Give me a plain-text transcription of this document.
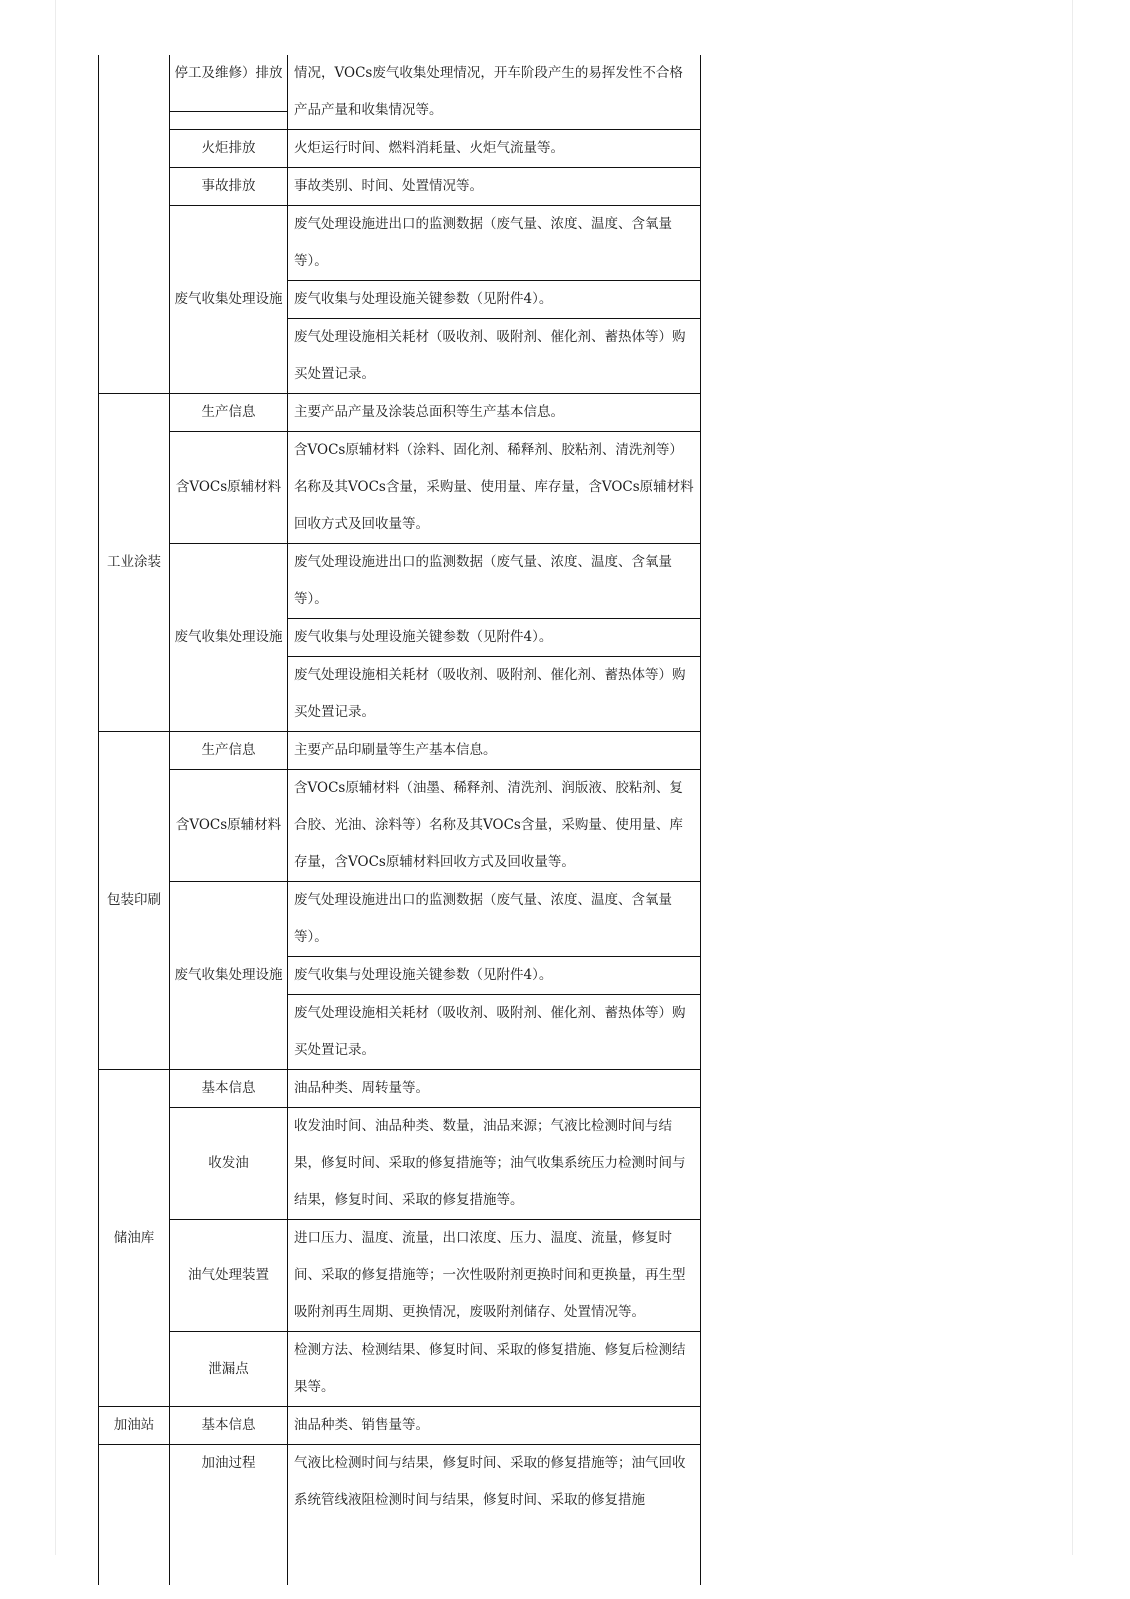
	停工及维修）排放	情况，VOCs废气收集处理情况，开车阶段产生的易挥发性不合格产品产量和收集情况等。

	火炬排放	火炬运行时间、燃料消耗量、火炬气流量等。
	事故排放	事故类别、时间、处置情况等。
	废气收集处理设施	废气处理设施进出口的监测数据（废气量、浓度、温度、含氧量等）。
		废气收集与处理设施关键参数（见附件4）。
		废气处理设施相关耗材（吸收剂、吸附剂、催化剂、蓄热体等）购买处置记录。
工业涂装	生产信息	主要产品产量及涂装总面积等生产基本信息。
	含VOCs原辅材料	含VOCs原辅材料（涂料、固化剂、稀释剂、胶粘剂、清洗剂等）名称及其VOCs含量，采购量、使用量、库存量，含VOCs原辅材料回收方式及回收量等。
	废气收集处理设施	废气处理设施进出口的监测数据（废气量、浓度、温度、含氧量等）。
		废气收集与处理设施关键参数（见附件4）。
		废气处理设施相关耗材（吸收剂、吸附剂、催化剂、蓄热体等）购买处置记录。
包装印刷	生产信息	主要产品印刷量等生产基本信息。
	含VOCs原辅材料	含VOCs原辅材料（油墨、稀释剂、清洗剂、润版液、胶粘剂、复合胶、光油、涂料等）名称及其VOCs含量，采购量、使用量、库存量，含VOCs原辅材料回收方式及回收量等。
	废气收集处理设施	废气处理设施进出口的监测数据（废气量、浓度、温度、含氧量等）。
		废气收集与处理设施关键参数（见附件4）。
		废气处理设施相关耗材（吸收剂、吸附剂、催化剂、蓄热体等）购买处置记录。
储油库	基本信息	油品种类、周转量等。
	收发油	收发油时间、油品种类、数量，油品来源；气液比检测时间与结果，修复时间、采取的修复措施等；油气收集系统压力检测时间与结果，修复时间、采取的修复措施等。
	油气处理装置	进口压力、温度、流量，出口浓度、压力、温度、流量，修复时间、采取的修复措施等；一次性吸附剂更换时间和更换量，再生型吸附剂再生周期、更换情况，废吸附剂储存、处置情况等。
	泄漏点	检测方法、检测结果、修复时间、采取的修复措施、修复后检测结果等。
加油站	基本信息	油品种类、销售量等。
	加油过程	气液比检测时间与结果，修复时间、采取的修复措施等；油气回收系统管线液阻检测时间与结果，修复时间、采取的修复措施
